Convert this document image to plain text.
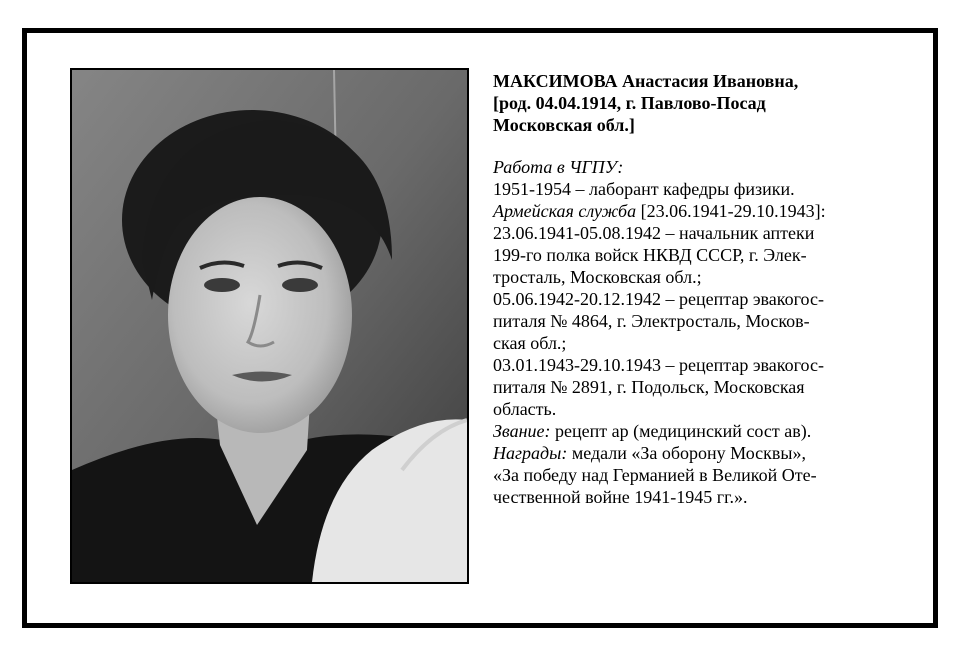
МАКСИМОВА Анастасия Ивановна,
[род. 04.04.1914, г. Павлово-Посад
Московская обл.]
Работа в ЧГПУ:
1951-1954 – лаборант кафедры физики.
Армейская служба [23.06.1941-29.10.1943]:
23.06.1941-05.08.1942 – начальник аптеки
199-го полка войск НКВД СССР, г. Элек-
тросталь, Московская обл.;
05.06.1942-20.12.1942 – рецептар эвакогос-
питаля № 4864, г. Электросталь, Москов-
ская обл.;
03.01.1943-29.10.1943 – рецептар эвакогос-
питаля № 2891, г. Подольск, Московская
область.
Звание: рецепт ар (медицинский сост ав).
Награды: медали «За оборону Москвы»,
«За победу над Германией в Великой Оте-
чественной войне 1941-1945 гг.».
